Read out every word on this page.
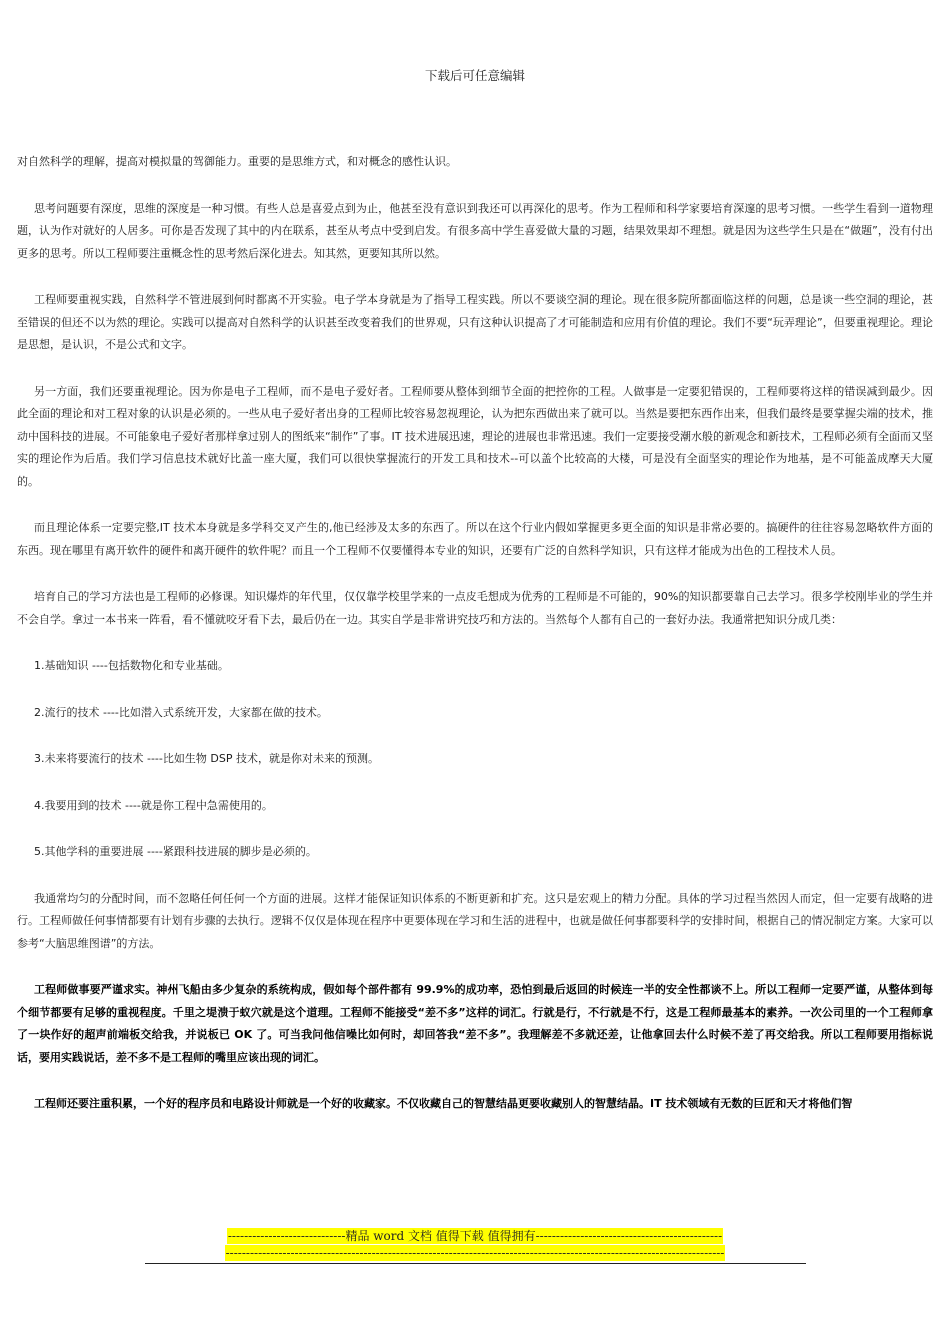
下载后可任意编辑

对自然科学的理解，提高对模拟量的驾御能力。重要的是思维方式，和对概念的感性认识。

思考问题要有深度，思维的深度是一种习惯。有些人总是喜爱点到为止，他甚至没有意识到我还可以再深化的思考。作为工程师和科学家要培育深邃的思考习惯。一些学生看到一道物理题，认为作对就好的人居多。可你是否发现了其中的内在联系，甚至从考点中受到启发。有很多高中学生喜爱做大量的习题，结果效果却不理想。就是因为这些学生只是在“做题”，没有付出更多的思考。所以工程师要注重概念性的思考然后深化进去。知其然，更要知其所以然。

工程师要重视实践，自然科学不管进展到何时都离不开实验。电子学本身就是为了指导工程实践。所以不要谈空洞的理论。现在很多院所都面临这样的问题，总是谈一些空洞的理论，甚至错误的但还不以为然的理论。实践可以提高对自然科学的认识甚至改变着我们的世界观，只有这种认识提高了才可能制造和应用有价值的理论。我们不要“玩弄理论”，但要重视理论。理论是思想，是认识，不是公式和文字。

另一方面，我们还要重视理论。因为你是电子工程师，而不是电子爱好者。工程师要从整体到细节全面的把控你的工程。人做事是一定要犯错误的，工程师要将这样的错误减到最少。因此全面的理论和对工程对象的认识是必须的。一些从电子爱好者出身的工程师比较容易忽视理论，认为把东西做出来了就可以。当然是要把东西作出来，但我们最终是要掌握尖端的技术，推动中国科技的进展。不可能象电子爱好者那样拿过别人的图纸来“制作”了事。IT 技术进展迅速，理论的进展也非常迅速。我们一定要接受潮水般的新观念和新技术，工程师必须有全面而又坚实的理论作为后盾。我们学习信息技术就好比盖一座大厦，我们可以很快掌握流行的开发工具和技术--可以盖个比较高的大楼，可是没有全面坚实的理论作为地基，是不可能盖成摩天大厦的。

而且理论体系一定要完整,IT 技术本身就是多学科交叉产生的,他已经涉及太多的东西了。所以在这个行业内假如掌握更多更全面的知识是非常必要的。搞硬件的往往容易忽略软件方面的东西。现在哪里有离开软件的硬件和离开硬件的软件呢？而且一个工程师不仅要懂得本专业的知识，还要有广泛的自然科学知识，只有这样才能成为出色的工程技术人员。

培育自己的学习方法也是工程师的必修课。知识爆炸的年代里，仅仅靠学校里学来的一点皮毛想成为优秀的工程师是不可能的，90%的知识都要靠自己去学习。很多学校刚毕业的学生并不会自学。拿过一本书来一阵看，看不懂就咬牙看下去，最后仍在一边。其实自学是非常讲究技巧和方法的。当然每个人都有自己的一套好办法。我通常把知识分成几类：

1.基础知识 ----包括数物化和专业基础。

2.流行的技术 ----比如潜入式系统开发，大家都在做的技术。

3.未来将要流行的技术 ----比如生物 DSP 技术，就是你对未来的预测。

4.我要用到的技术 ----就是你工程中急需使用的。

5.其他学科的重要进展 ----紧跟科技进展的脚步是必须的。

我通常均匀的分配时间，而不忽略任何任何一个方面的进展。这样才能保证知识体系的不断更新和扩充。这只是宏观上的精力分配。具体的学习过程当然因人而定，但一定要有战略的进行。工程师做任何事情都要有计划有步骤的去执行。逻辑不仅仅是体现在程序中更要体现在学习和生活的进程中，也就是做任何事都要科学的安排时间，根据自己的情况制定方案。大家可以参考“大脑思维图谱”的方法。

工程师做事要严谨求实。神州飞船由多少复杂的系统构成，假如每个部件都有 99.9%的成功率，恐怕到最后返回的时候连一半的安全性都谈不上。所以工程师一定要严谨，从整体到每个细节都要有足够的重视程度。千里之堤溃于蚁穴就是这个道理。工程师不能接受“差不多”这样的词汇。行就是行，不行就是不行，这是工程师最基本的素养。一次公司里的一个工程师拿了一块作好的超声前端板交给我，并说板已 OK 了。可当我问他信噪比如何时，却回答我“差不多”。我理解差不多就还差，让他拿回去什么时候不差了再交给我。所以工程师要用指标说话，要用实践说话，差不多不是工程师的嘴里应该出现的词汇。

工程师还要注重积累，一个好的程序员和电路设计师就是一个好的收藏家。不仅收藏自己的智慧结晶更要收藏别人的智慧结晶。IT 技术领域有无数的巨匠和天才将他们智

-----------------------------精品 word 文档 值得下载 值得拥有----------------------------------------------
---------------------------------------------------------------------------------------------------------------------------
